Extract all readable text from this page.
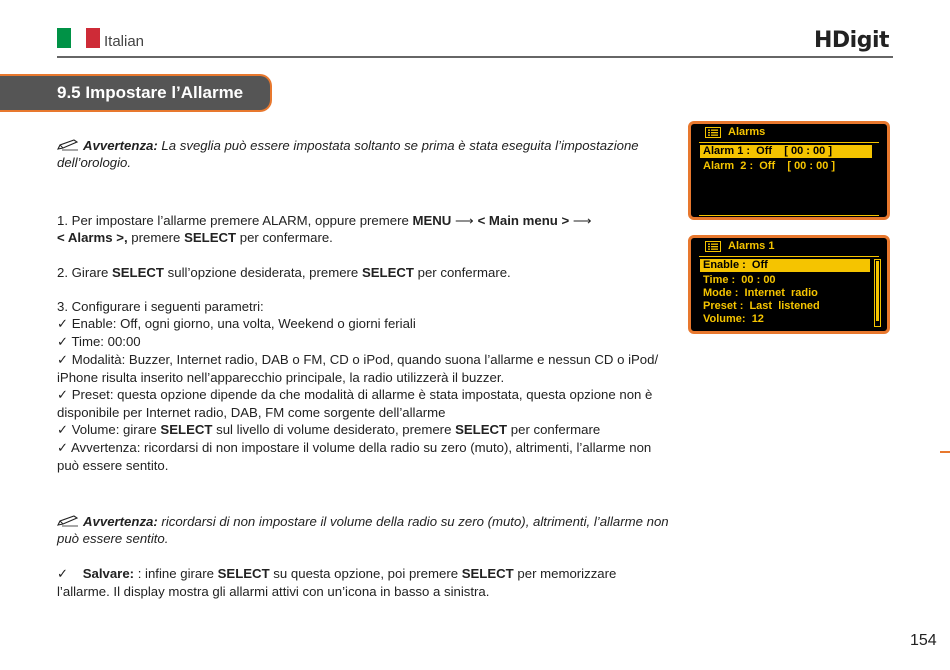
Italian	HDigit
9.5 Impostare l’Allarme
Avvertenza: La sveglia può essere impostata soltanto se prima è stata eseguita l’impostazione dell’orologio.
1. Per impostare l’allarme premere ALARM, oppure premere MENU ⟶ < Main menu > ⟶
< Alarms >, premere SELECT per confermare.
2. Girare SELECT sull’opzione desiderata, premere SELECT per confermare.
3. Configurare i seguenti parametri:
✓ Enable: Off, ogni giorno, una volta, Weekend o giorni feriali
✓ Time: 00:00
✓ Modalità: Buzzer, Internet radio, DAB o FM, CD o iPod, quando suona l’allarme e nessun CD o iPod/ iPhone risulta inserito nell’apparecchio principale, la radio utilizzerà il buzzer.
✓ Preset: questa opzione dipende da che modalità di allarme è stata impostata, questa opzione non è disponibile per Internet radio, DAB, FM come sorgente dell’allarme
✓ Volume: girare SELECT sul livello di volume desiderato, premere SELECT per confermare
✓ Avvertenza: ricordarsi di non impostare il volume della radio su zero (muto), altrimenti, l’allarme non può essere sentito.
Avvertenza: ricordarsi di non impostare il volume della radio su zero (muto), altrimenti, l’allarme non può essere sentito.
✓ Salvare: : infine girare SELECT su questa opzione, poi premere SELECT per memorizzare l’allarme. Il display mostra gli allarmi attivi con un’icona in basso a sinistra.
Alarms
Alarm 1 :  Off    [ 00 : 00 ]
Alarm  2 :  Off    [ 00 : 00 ]
Alarms 1
Enable :  Off
Time :  00 : 00
Mode :  Internet  radio
Preset :  Last  listened
Volume:  12
154
